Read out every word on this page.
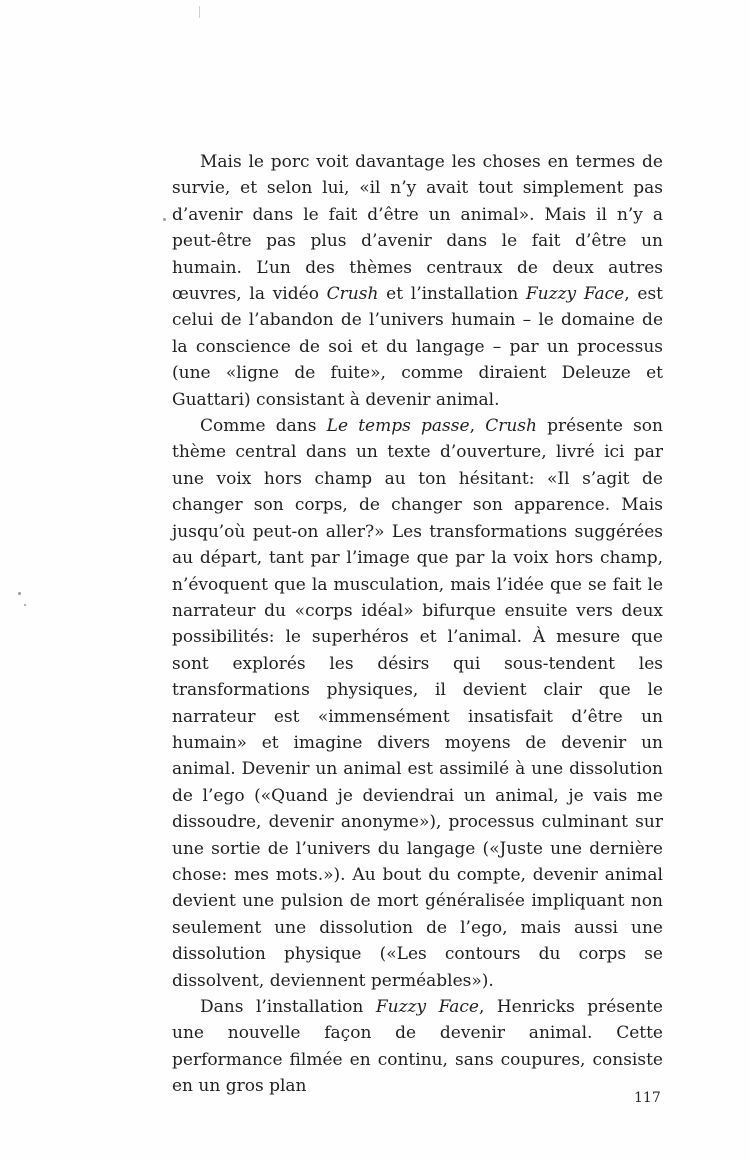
Mais le porc voit davantage les choses en termes de survie, et selon lui, «il n’y avait tout simplement pas d’avenir dans le fait d’être un animal». Mais il n’y a peut-être pas plus d’avenir dans le fait d’être un humain. L’un des thèmes centraux de deux autres œuvres, la vidéo Crush et l’installation Fuzzy Face, est celui de l’abandon de l’univers humain – le domaine de la conscience de soi et du langage – par un processus (une «ligne de fuite», comme diraient Deleuze et Guattari) consistant à devenir animal.

Comme dans Le temps passe, Crush présente son thème central dans un texte d’ouverture, livré ici par une voix hors champ au ton hésitant: «Il s’agit de changer son corps, de changer son apparence. Mais jusqu’où peut-on aller?» Les transformations suggérées au départ, tant par l’image que par la voix hors champ, n’évoquent que la musculation, mais l’idée que se fait le narrateur du «corps idéal» bifurque ensuite vers deux possibilités: le superhéros et l’animal. À mesure que sont explorés les désirs qui sous-tendent les transformations physiques, il devient clair que le narrateur est «immensément insatisfait d’être un humain» et imagine divers moyens de devenir un animal. Devenir un animal est assimilé à une dissolution de l’ego («Quand je deviendrai un animal, je vais me dissoudre, devenir anonyme»), processus culminant sur une sortie de l’univers du langage («Juste une dernière chose: mes mots.»). Au bout du compte, devenir animal devient une pulsion de mort généralisée impliquant non seulement une dissolution de l’ego, mais aussi une dissolution physique («Les contours du corps se dissolvent, deviennent perméables»).

Dans l’installation Fuzzy Face, Henricks présente une nouvelle façon de devenir animal. Cette performance filmée en continu, sans coupures, consiste en un gros plan

117
